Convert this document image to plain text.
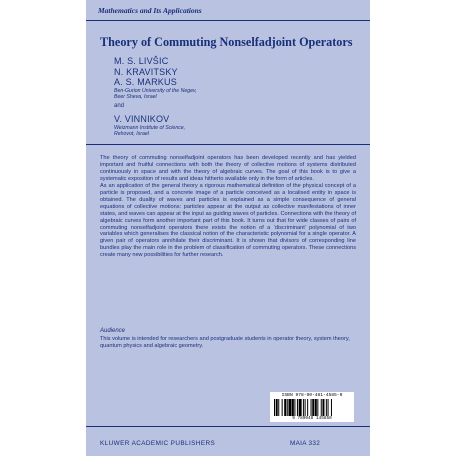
Mathematics and Its Applications
Theory of Commuting Nonselfadjoint Operators
M. S. LIVŠIC
N. KRAVITSKY
A. S. MARKUS
Ben-Gurion University of the Negev,
Beer Sheva, Israel
and
V. VINNIKOV
Weizmann Institute of Science,
Rehovot, Israel

The theory of commuting nonselfadjoint operators has been developed recently and has yielded important and fruitful connections with both the theory of collective motions of systems distributed continuously in space and with the theory of algebraic curves. The goal of this book is to give a systematic exposition of results and ideas hitherto available only in the form of articles.

As an application of the general theory a rigorous mathematical definition of the physical concept of a particle is proposed, and a concrete image of a particle conceived as a localised entity in space is obtained. The duality of waves and particles is explained as a simple consequence of general equations of collective motions: particles appear at the output as collective manifestations of inner states, and waves can appear at the input as guiding waves of particles. Connections with the theory of algebraic curves form another important part of this book. It turns out that for wide classes of pairs of commuting nonselfadjoint operators there exists the notion of a ‘discriminant’ polynomial of two variables which generalises the classical notion of the characteristic polynomial for a single operator. A given pair of operators annihilate their discriminant. It is shown that divisors of corresponding line bundles play the main role in the problem of classification of commuting operators. These connections create many new possibilities for further research.

Audience
This volume is intended for researchers and postgraduate students in operator theory, system theory, quantum physics and algebraic geometry.
ISBN 978-90-481-4585-0
9 789048 145850
KLUWER ACADEMIC PUBLISHERS	MAIA 332
